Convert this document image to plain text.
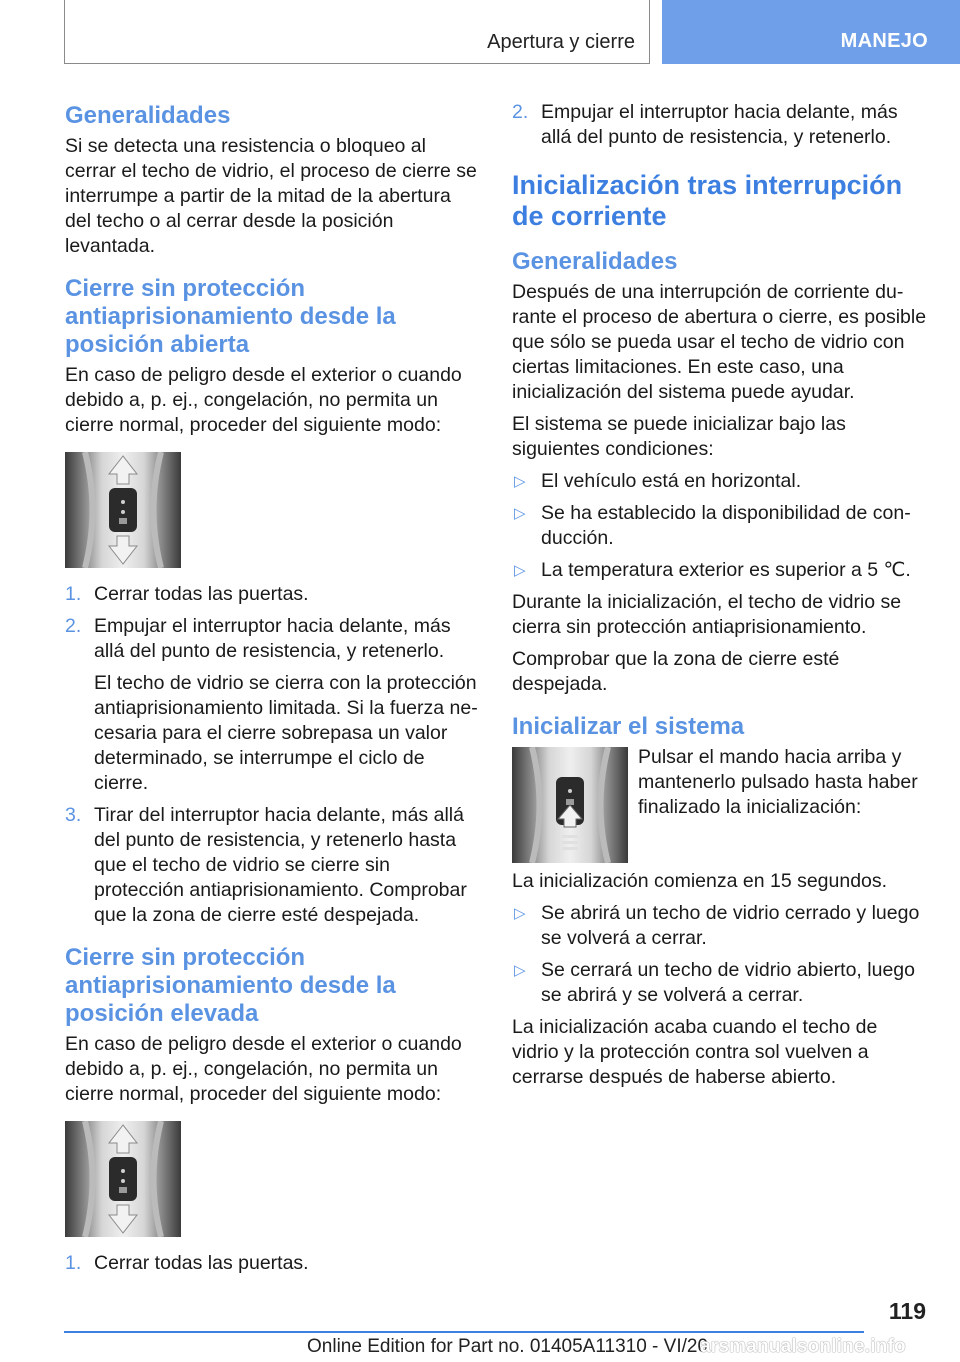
Apertura y cierre	MANEJO
Generalidades

Si se detecta una resistencia o bloqueo al cerrar el techo de vidrio, el proceso de cierre se interrumpe a partir de la mitad de la abertura del techo o al cerrar desde la posición levantada.

Cierre sin protección antiaprisionamiento desde la posición abierta

En caso de peligro desde el exterior o cuando debido a, p. ej., congelación, no permita un cierre normal, proceder del siguiente modo:

1. Cerrar todas las puertas.
2. Empujar el interruptor hacia delante, más allá del punto de resistencia, y retenerlo.
El techo de vidrio se cierra con la protección antiaprisionamiento limitada. Si la fuerza necesaria para el cierre sobrepasa un valor determinado, se interrumpe el ciclo de cierre.
3. Tirar del interruptor hacia delante, más allá del punto de resistencia, y retenerlo hasta que el techo de vidrio se cierre sin protección antiaprisionamiento. Comprobar que la zona de cierre esté despejada.
Cierre sin protección antiaprisionamiento desde la posición elevada

En caso de peligro desde el exterior o cuando debido a, p. ej., congelación, no permita un cierre normal, proceder del siguiente modo:

1. Cerrar todas las puertas.
2. Empujar el interruptor hacia delante, más allá del punto de resistencia, y retenerlo.
Inicialización tras interrupción de corriente
Generalidades

Después de una interrupción de corriente durante el proceso de abertura o cierre, es posible que sólo se pueda usar el techo de vidrio con ciertas limitaciones. En este caso, una inicialización del sistema puede ayudar.

El sistema se puede inicializar bajo las siguientes condiciones:

▷ El vehículo está en horizontal.
▷ Se ha establecido la disponibilidad de conducción.
▷ La temperatura exterior es superior a 5 ℃.

Durante la inicialización, el techo de vidrio se cierra sin protección antiaprisionamiento.

Comprobar que la zona de cierre esté despejada.

Inicializar el sistema

Pulsar el mando hacia arriba y mantenerlo pulsado hasta haber finalizado la inicialización:

La inicialización comienza en 15 segundos.

▷ Se abrirá un techo de vidrio cerrado y luego se volverá a cerrar.
▷ Se cerrará un techo de vidrio abierto, luego se abrirá y se volverá a cerrar.

La inicialización acaba cuando el techo de vidrio y la protección contra sol vuelven a cerrarse después de haberse abierto.

119
Online Edition for Part no. 01405A11310 - VI/20
arsmanualsonline.info
